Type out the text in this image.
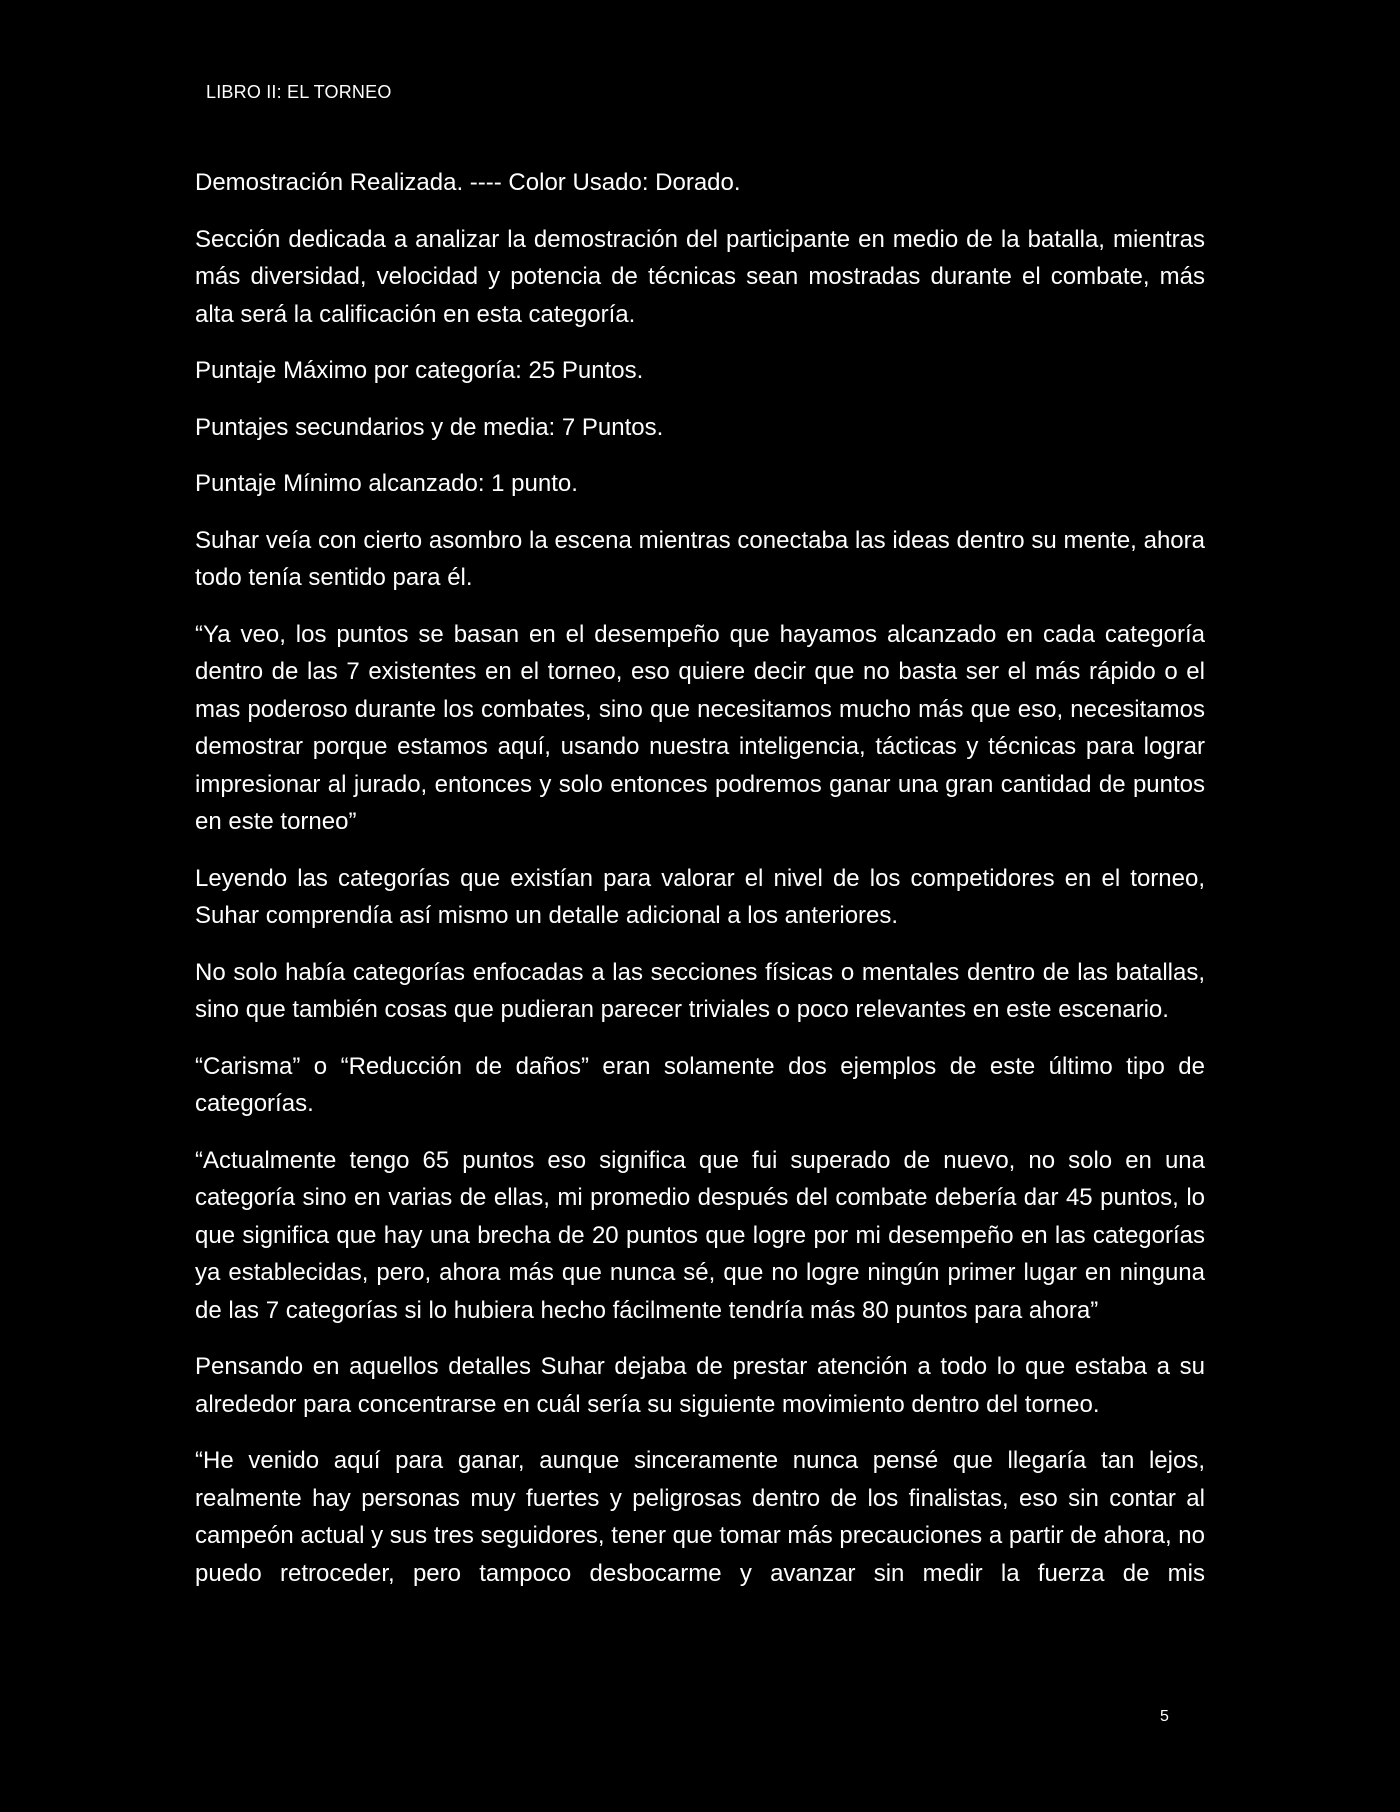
LIBRO II: EL TORNEO

Demostración Realizada. ---- Color Usado: Dorado.

Sección dedicada a analizar la demostración del participante en medio de la batalla, mientras más diversidad, velocidad y potencia de técnicas sean mostradas durante el combate, más alta será la calificación en esta categoría.

Puntaje Máximo por categoría: 25 Puntos.

Puntajes secundarios y de media: 7 Puntos.

Puntaje Mínimo alcanzado: 1 punto.

Suhar veía con cierto asombro la escena mientras conectaba las ideas dentro su mente, ahora todo tenía sentido para él.

“Ya veo, los puntos se basan en el desempeño que hayamos alcanzado en cada categoría dentro de las 7 existentes en el torneo, eso quiere decir que no basta ser el más rápido o el mas poderoso durante los combates, sino que necesitamos mucho más que eso, necesitamos demostrar porque estamos aquí, usando nuestra inteligencia, tácticas y técnicas para lograr impresionar al jurado, entonces y solo entonces podremos ganar una gran cantidad de puntos en este torneo”

Leyendo las categorías que existían para valorar el nivel de los competidores en el torneo, Suhar comprendía así mismo un detalle adicional a los anteriores.

No solo había categorías enfocadas a las secciones físicas o mentales dentro de las batallas, sino que también cosas que pudieran parecer triviales o poco relevantes en este escenario.

“Carisma” o “Reducción de daños” eran solamente dos ejemplos de este último tipo de categorías.

“Actualmente tengo 65 puntos eso significa que fui superado de nuevo, no solo en una categoría sino en varias de ellas, mi promedio después del combate debería dar 45 puntos, lo que significa que hay una brecha de 20 puntos que logre por mi desempeño en las categorías ya establecidas, pero, ahora más que nunca sé, que no logre ningún primer lugar en ninguna de las 7 categorías si lo hubiera hecho fácilmente tendría más 80 puntos para ahora”

Pensando en aquellos detalles Suhar dejaba de prestar atención a todo lo que estaba a su alrededor para concentrarse en cuál sería su siguiente movimiento dentro del torneo.

“He venido aquí para ganar, aunque sinceramente nunca pensé que llegaría tan lejos, realmente hay personas muy fuertes y peligrosas dentro de los finalistas, eso sin contar al campeón actual y sus tres seguidores, tener que tomar más precauciones a partir de ahora, no puedo retroceder, pero tampoco desbocarme y avanzar sin medir la fuerza de mis

5
